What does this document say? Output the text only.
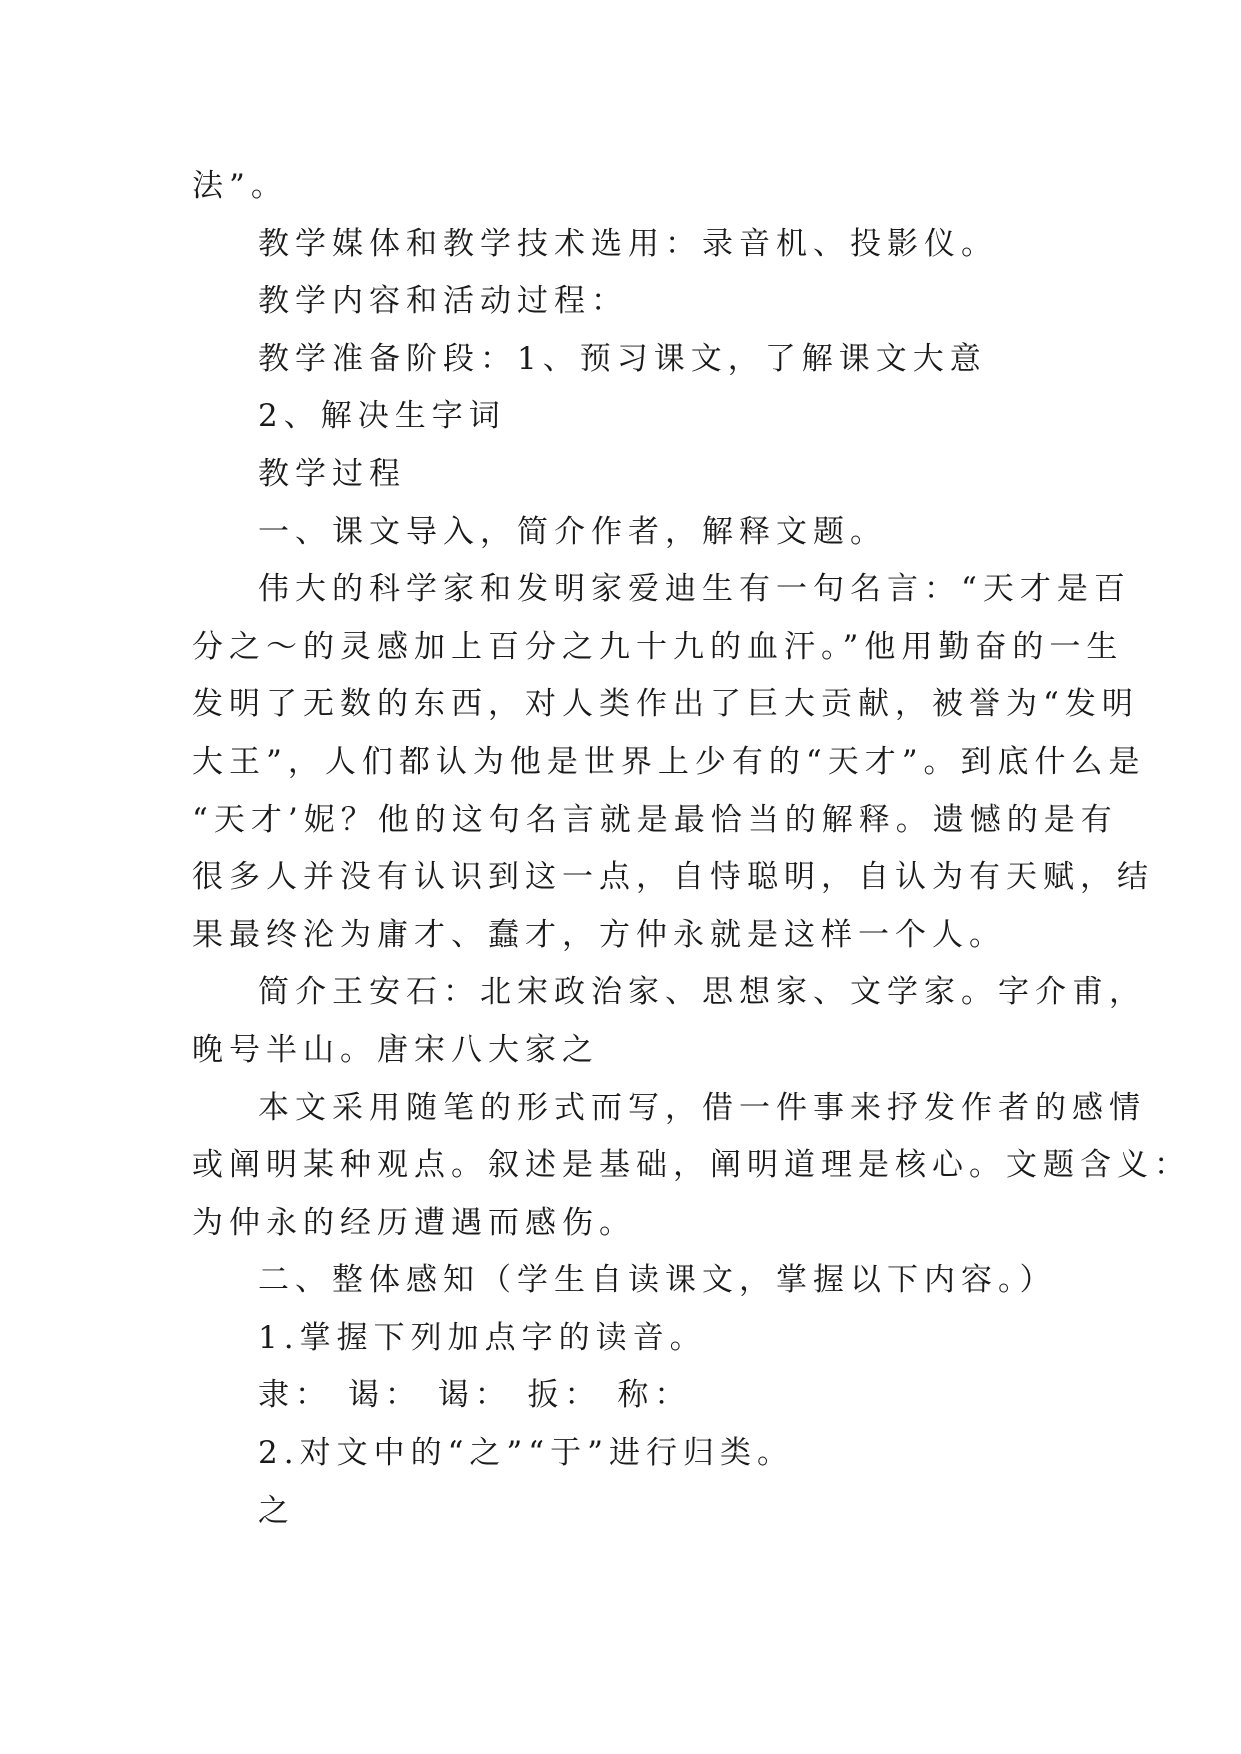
法”。

教学媒体和教学技术选用：录音机、投影仪。

教学内容和活动过程：

教学准备阶段：1、预习课文，了解课文大意

2、解决生字词

教学过程

一、课文导入，简介作者，解释文题。

伟大的科学家和发明家爱迪生有一句名言：“天才是百

分之～的灵感加上百分之九十九的血汗。”他用勤奋的一生

发明了无数的东西，对人类作出了巨大贡献，被誉为“发明

大王”，人们都认为他是世界上少有的“天才”。到底什么是

“天才’妮？他的这句名言就是最恰当的解释。遗憾的是有

很多人并没有认识到这一点，自恃聪明，自认为有天赋，结

果最终沦为庸才、蠢才，方仲永就是这样一个人。

简介王安石：北宋政治家、思想家、文学家。字介甫，

晚号半山。唐宋八大家之

本文采用随笔的形式而写，借一件事来抒发作者的感情

或阐明某种观点。叙述是基础，阐明道理是核心。文题含义：

为仲永的经历遭遇而感伤。

二、整体感知（学生自读课文，掌握以下内容。）

1.掌握下列加点字的读音。

隶： 谒： 谒： 扳： 称：

2.对文中的“之”“于”进行归类。

之
